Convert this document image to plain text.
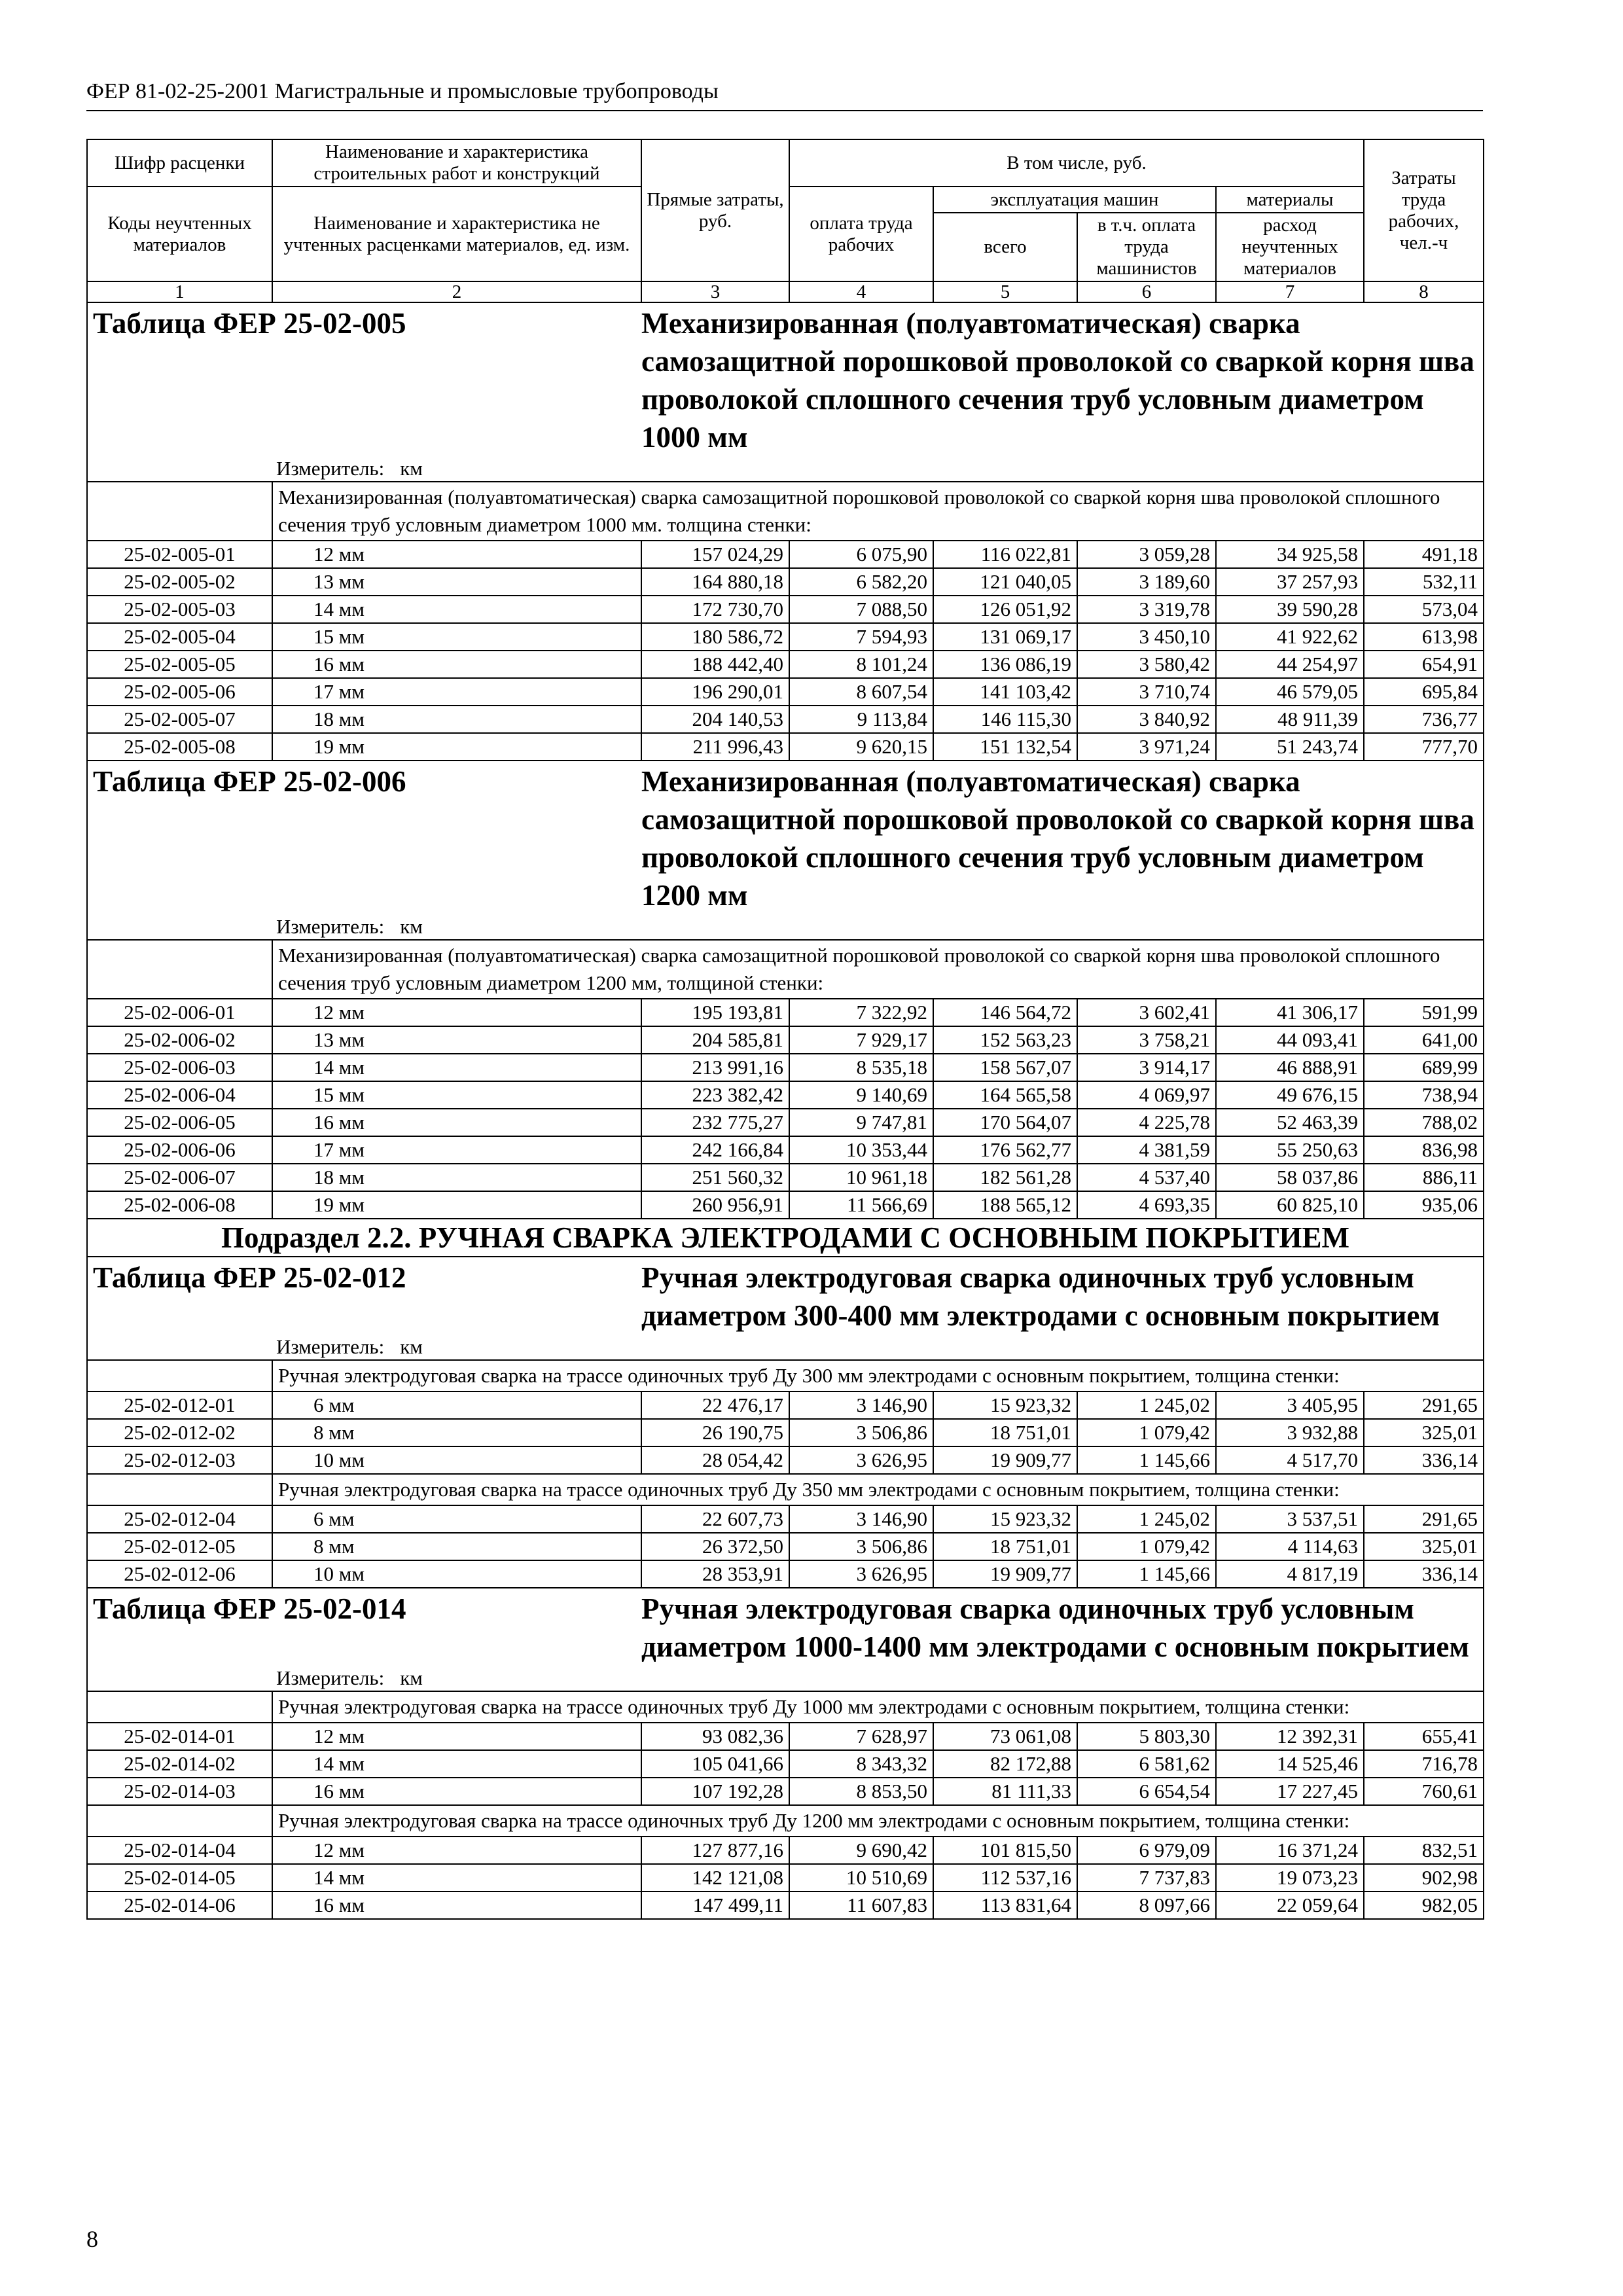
ФЕР 81-02-25-2001 Магистральные и промысловые трубопроводы
Шифр расценки	Наименование и характеристика строительных работ и конструкций	Прямые затраты, руб.	В том числе, руб.				Затраты труда рабочих, чел.-ч
Коды неучтенных материалов	Наименование и характеристика не учтенных расценками материалов, ед. изм.						
			оплата труда рабочих	эксплуатация машин		материалы	
				всего	в т.ч. оплата труда машинистов	расход неучтенных материалов	
1	2	3	4	5	6	7	8
Таблица ФЕР 25-02-005		Механизированная (полуавтоматическая) сварка самозащитной порошковой проволокой со сваркой корня шва проволокой сплошного сечения труб условным диаметром 1000 мм					
	Измеритель: км						
	Механизированная (полуавтоматическая) сварка самозащитной порошковой проволокой со сваркой корня шва проволокой сплошного сечения труб условным диаметром 1000 мм. толщина стенки:						
25-02-005-01	12 мм	157 024,29	6 075,90	116 022,81	3 059,28	34 925,58	491,18
25-02-005-02	13 мм	164 880,18	6 582,20	121 040,05	3 189,60	37 257,93	532,11
25-02-005-03	14 мм	172 730,70	7 088,50	126 051,92	3 319,78	39 590,28	573,04
25-02-005-04	15 мм	180 586,72	7 594,93	131 069,17	3 450,10	41 922,62	613,98
25-02-005-05	16 мм	188 442,40	8 101,24	136 086,19	3 580,42	44 254,97	654,91
25-02-005-06	17 мм	196 290,01	8 607,54	141 103,42	3 710,74	46 579,05	695,84
25-02-005-07	18 мм	204 140,53	9 113,84	146 115,30	3 840,92	48 911,39	736,77
25-02-005-08	19 мм	211 996,43	9 620,15	151 132,54	3 971,24	51 243,74	777,70
Таблица ФЕР 25-02-006		Механизированная (полуавтоматическая) сварка самозащитной порошковой проволокой со сваркой корня шва проволокой сплошного сечения труб условным диаметром 1200 мм					
	Измеритель: км						
	Механизированная (полуавтоматическая) сварка самозащитной порошковой проволокой со сваркой корня шва проволокой сплошного сечения труб условным диаметром 1200 мм, толщиной стенки:						
25-02-006-01	12 мм	195 193,81	7 322,92	146 564,72	3 602,41	41 306,17	591,99
25-02-006-02	13 мм	204 585,81	7 929,17	152 563,23	3 758,21	44 093,41	641,00
25-02-006-03	14 мм	213 991,16	8 535,18	158 567,07	3 914,17	46 888,91	689,99
25-02-006-04	15 мм	223 382,42	9 140,69	164 565,58	4 069,97	49 676,15	738,94
25-02-006-05	16 мм	232 775,27	9 747,81	170 564,07	4 225,78	52 463,39	788,02
25-02-006-06	17 мм	242 166,84	10 353,44	176 562,77	4 381,59	55 250,63	836,98
25-02-006-07	18 мм	251 560,32	10 961,18	182 561,28	4 537,40	58 037,86	886,11
25-02-006-08	19 мм	260 956,91	11 566,69	188 565,12	4 693,35	60 825,10	935,06
Подраздел 2.2. РУЧНАЯ СВАРКА ЭЛЕКТРОДАМИ С ОСНОВНЫМ ПОКРЫТИЕМ							
Таблица ФЕР 25-02-012		Ручная электродуговая сварка одиночных труб условным диаметром 300-400 мм электродами с основным покрытием					
	Измеритель: км						
	Ручная электродуговая сварка на трассе одиночных труб Ду 300 мм электродами с основным покрытием, толщина стенки:						
25-02-012-01	6 мм	22 476,17	3 146,90	15 923,32	1 245,02	3 405,95	291,65
25-02-012-02	8 мм	26 190,75	3 506,86	18 751,01	1 079,42	3 932,88	325,01
25-02-012-03	10 мм	28 054,42	3 626,95	19 909,77	1 145,66	4 517,70	336,14
	Ручная электродуговая сварка на трассе одиночных труб Ду 350 мм электродами с основным покрытием, толщина стенки:						
25-02-012-04	6 мм	22 607,73	3 146,90	15 923,32	1 245,02	3 537,51	291,65
25-02-012-05	8 мм	26 372,50	3 506,86	18 751,01	1 079,42	4 114,63	325,01
25-02-012-06	10 мм	28 353,91	3 626,95	19 909,77	1 145,66	4 817,19	336,14
Таблица ФЕР 25-02-014		Ручная электродуговая сварка одиночных труб условным диаметром 1000-1400 мм электродами с основным покрытием					
	Измеритель: км						
	Ручная электродуговая сварка на трассе одиночных труб Ду 1000 мм электродами с основным покрытием, толщина стенки:						
25-02-014-01	12 мм	93 082,36	7 628,97	73 061,08	5 803,30	12 392,31	655,41
25-02-014-02	14 мм	105 041,66	8 343,32	82 172,88	6 581,62	14 525,46	716,78
25-02-014-03	16 мм	107 192,28	8 853,50	81 111,33	6 654,54	17 227,45	760,61
	Ручная электродуговая сварка на трассе одиночных труб Ду 1200 мм электродами с основным покрытием, толщина стенки:						
25-02-014-04	12 мм	127 877,16	9 690,42	101 815,50	6 979,09	16 371,24	832,51
25-02-014-05	14 мм	142 121,08	10 510,69	112 537,16	7 737,83	19 073,23	902,98
25-02-014-06	16 мм	147 499,11	11 607,83	113 831,64	8 097,66	22 059,64	982,05
8
